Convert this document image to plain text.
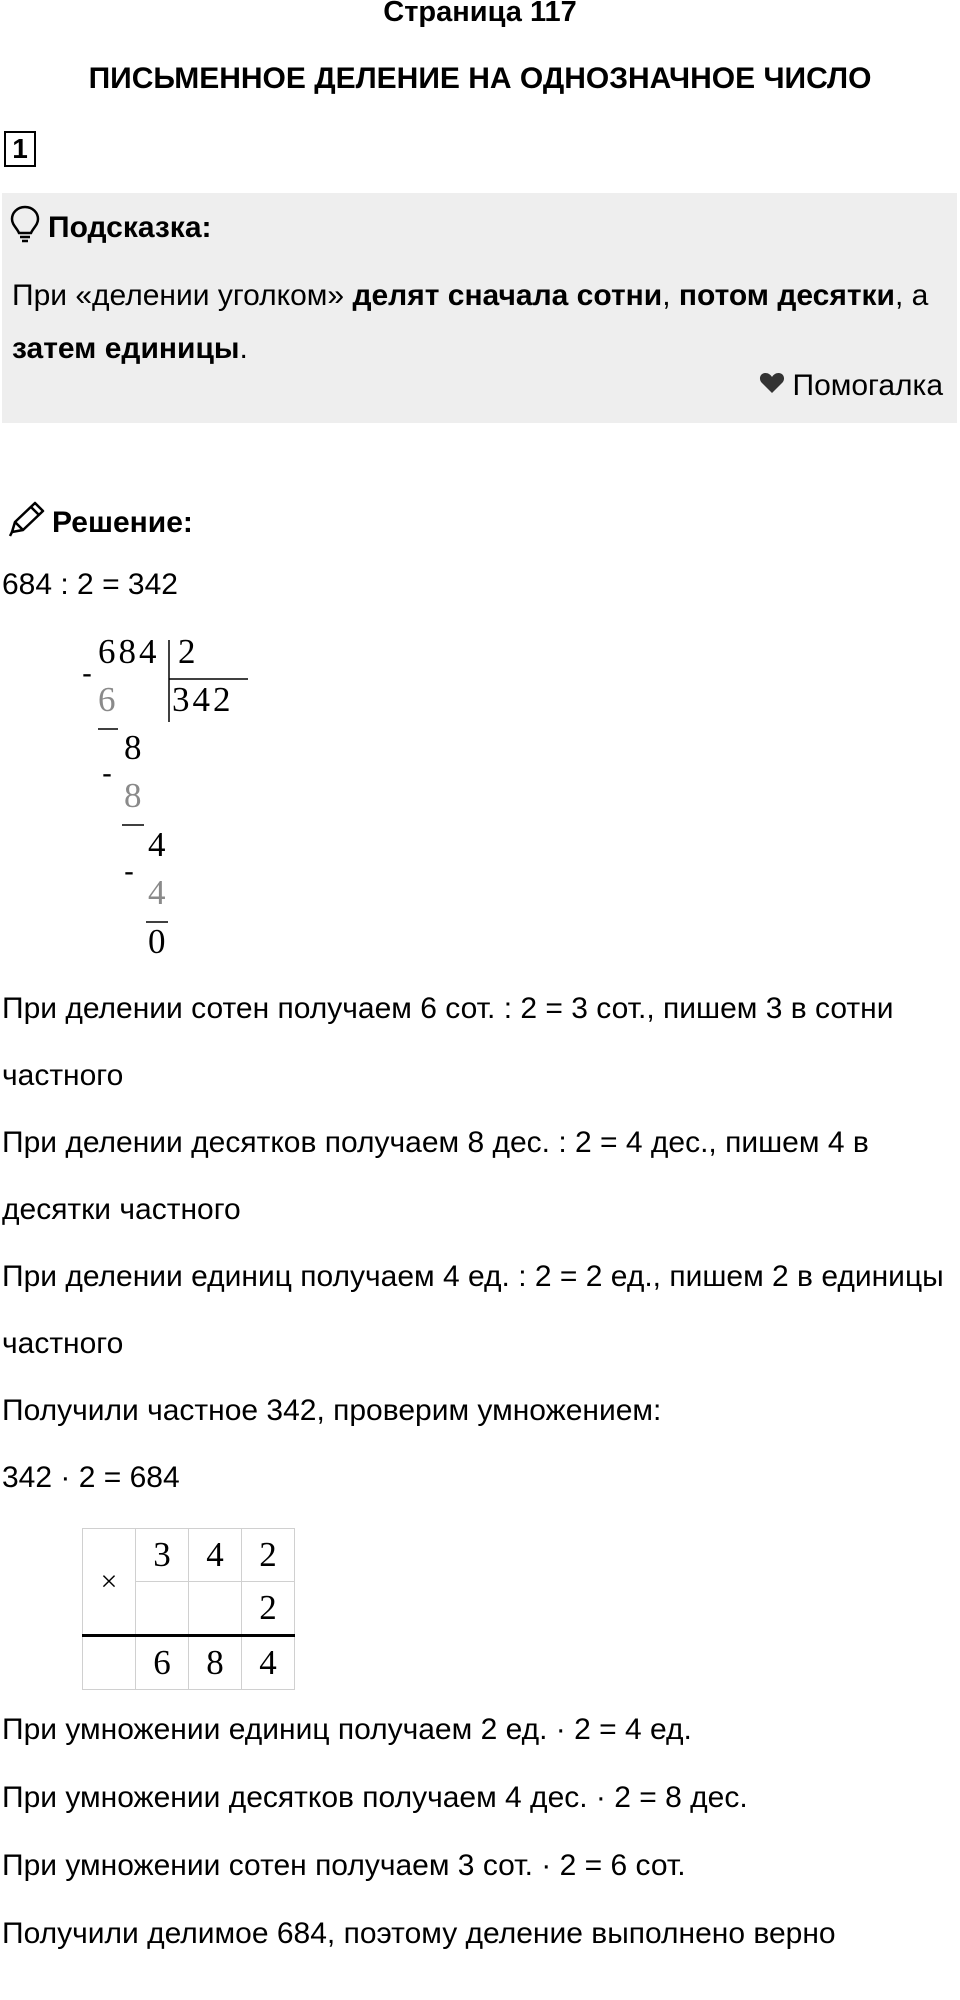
Страница 117
ПИСЬМЕННОЕ ДЕЛЕНИЕ НА ОДНОЗНАЧНОЕ ЧИСЛО
1
Подсказка:
При «делении уголком» делят сначала сотни, потом десятки, а затем единицы.
Помогалка
Решение:
684 : 2 = 342
-
684 2
342
6
8
-
8
4
-
4
0
При делении сотен получаем 6 сот. : 2 = 3 сот., пишем 3 в сотни частного
При делении десятков получаем 8 дес. : 2 = 4 дес., пишем 4 в десятки частного
При делении единиц получаем 4 ед. : 2 = 2 ед., пишем 2 в единицы частного
Получили частное 342, проверим умножением:
342 · 2 = 684
×	3	4	2
			2
	6	8	4
При умножении единиц получаем 2 ед. · 2 = 4 ед.
При умножении десятков получаем 4 дес. · 2 = 8 дес.
При умножении сотен получаем 3 сот. · 2 = 6 сот.
Получили делимое 684, поэтому деление выполнено верно
